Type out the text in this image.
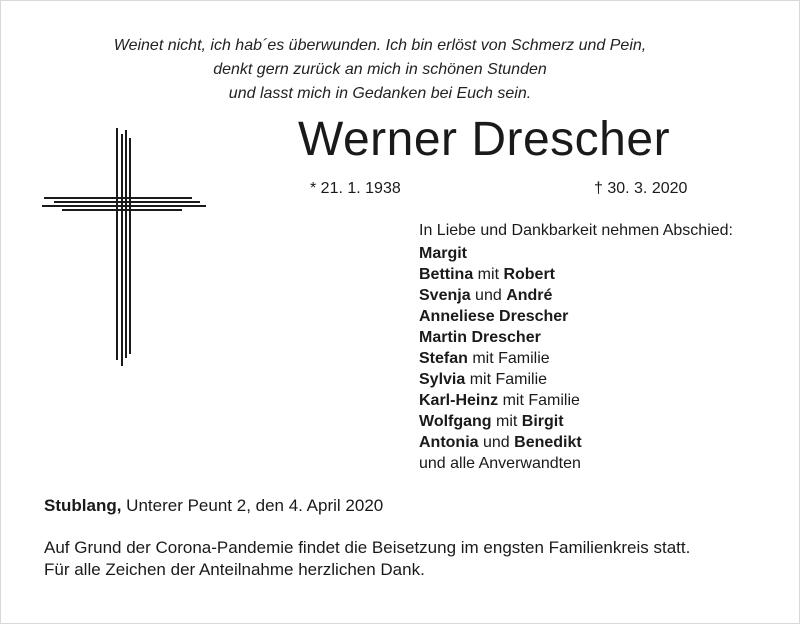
Weinet nicht, ich hab´es überwunden. Ich bin erlöst von Schmerz und Pein,
denkt gern zurück an mich in schönen Stunden
und lasst mich in Gedanken bei Euch sein.
Werner Drescher
* 21. 1. 1938	† 30. 3. 2020
In Liebe und Dankbarkeit nehmen Abschied:
Margit
Bettina mit Robert
Svenja und André
Anneliese Drescher
Martin Drescher
Stefan mit Familie
Sylvia mit Familie
Karl-Heinz mit Familie
Wolfgang mit Birgit
Antonia und Benedikt
und alle Anverwandten
Stublang, Unterer Peunt 2, den 4. April 2020
Auf Grund der Corona-Pandemie findet die Beisetzung im engsten Familienkreis statt.
Für alle Zeichen der Anteilnahme herzlichen Dank.
